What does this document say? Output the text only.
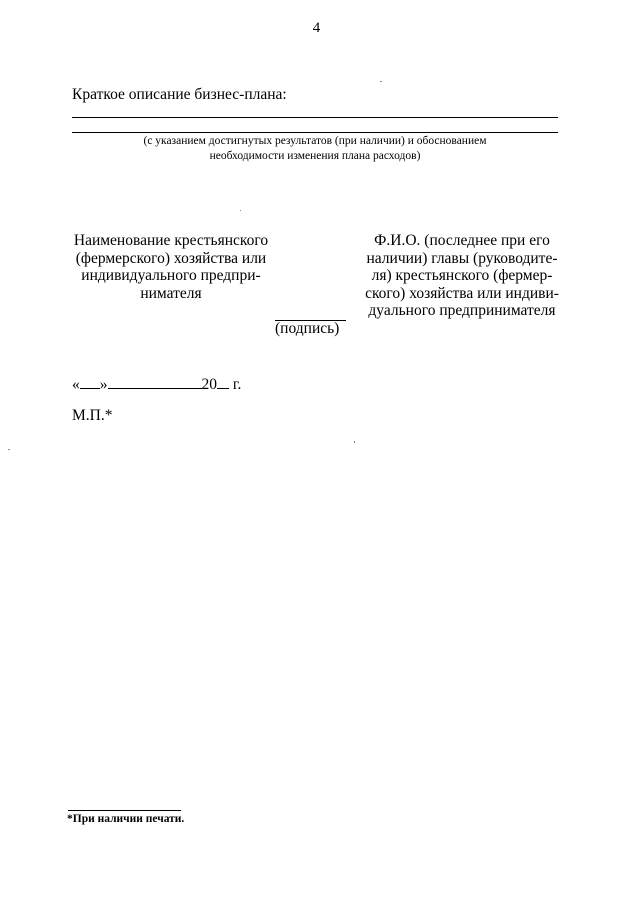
4
Краткое описание бизнес-плана:
(с указанием достигнутых результатов (при наличии) и обоснованием
необходимости изменения плана расходов)
Наименование крестьянского
(фермерского) хозяйства или
индивидуального предпри-
нимателя
Ф.И.О. (последнее при его
наличии) главы (руководите-
ля) крестьянского (фермер-
ского) хозяйства или индиви-
дуального предпринимателя
(подпись)
« »	20 г.
М.П.*
*При наличии печати.
